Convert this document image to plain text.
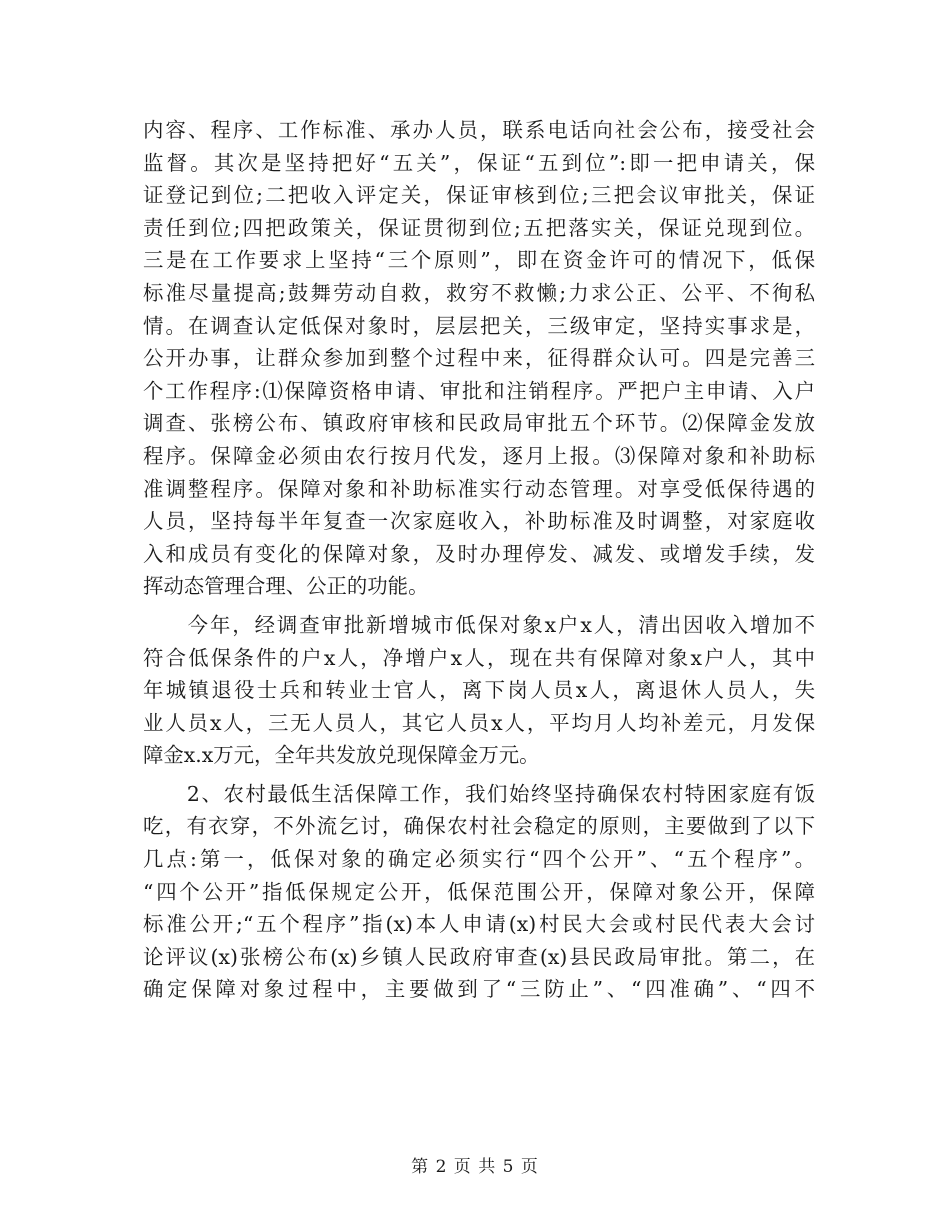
内容、程序、工作标准、承办人员，联系电话向社会公布，接受社会
监督。其次是坚持把好“五关”，保证“五到位”:即一把申请关，保
证登记到位;二把收入评定关，保证审核到位;三把会议审批关，保证
责任到位;四把政策关，保证贯彻到位;五把落实关，保证兑现到位。
三是在工作要求上坚持“三个原则”，即在资金许可的情况下，低保
标准尽量提高;鼓舞劳动自救，救穷不救懒;力求公正、公平、不徇私
情。在调查认定低保对象时，层层把关，三级审定，坚持实事求是，
公开办事，让群众参加到整个过程中来，征得群众认可。四是完善三
个工作程序:⑴保障资格申请、审批和注销程序。严把户主申请、入户
调查、张榜公布、镇政府审核和民政局审批五个环节。⑵保障金发放
程序。保障金必须由农行按月代发，逐月上报。⑶保障对象和补助标
准调整程序。保障对象和补助标准实行动态管理。对享受低保待遇的
人员，坚持每半年复查一次家庭收入，补助标准及时调整，对家庭收
入和成员有变化的保障对象，及时办理停发、减发、或增发手续，发
挥动态管理合理、公正的功能。
　　今年，经调查审批新增城市低保对象x户x人，清出因收入增加不
符合低保条件的户x人，净增户x人，现在共有保障对象x户人，其中
年城镇退役士兵和转业士官人，离下岗人员x人，离退休人员人，失
业人员x人，三无人员人，其它人员x人，平均月人均补差元，月发保
障金x.x万元，全年共发放兑现保障金万元。
　　2、农村最低生活保障工作，我们始终坚持确保农村特困家庭有饭
吃，有衣穿，不外流乞讨，确保农村社会稳定的原则，主要做到了以下
几点:第一，低保对象的确定必须实行“四个公开”、“五个程序”。
“四个公开”指低保规定公开，低保范围公开，保障对象公开，保障
标准公开;“五个程序”指(x)本人申请(x)村民大会或村民代表大会讨
论评议(x)张榜公布(x)乡镇人民政府审查(x)县民政局审批。第二，在
确定保障对象过程中，主要做到了“三防止”、“四准确”、“四不
第 2 页 共 5 页
